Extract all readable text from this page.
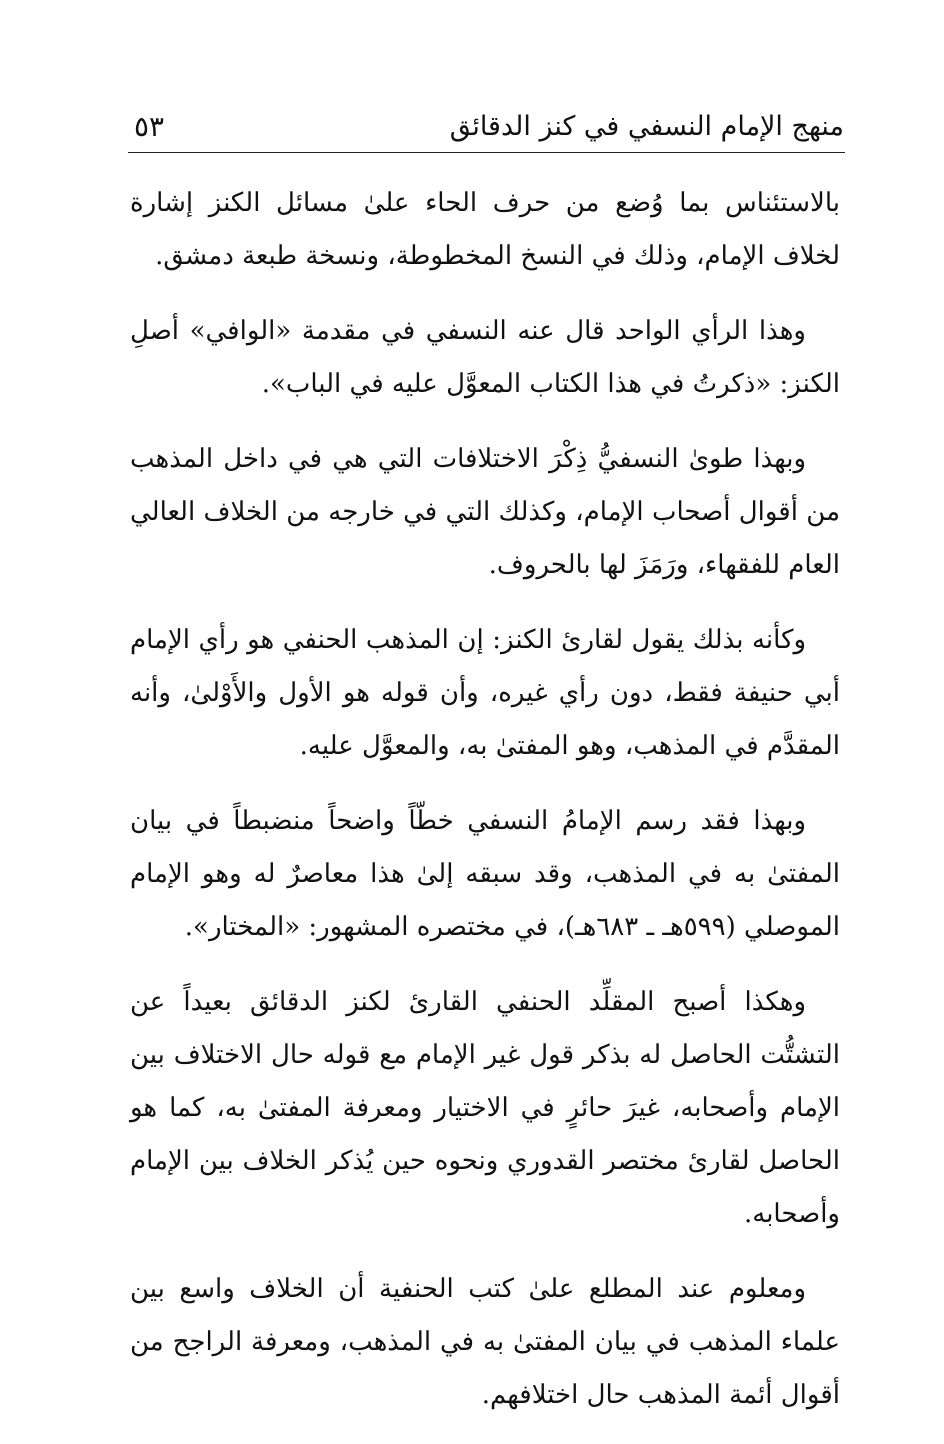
منهج الإمام النسفي في كنز الدقائق
٥٣

بالاستئناس بما وُضع من حرف الحاء علىٰ مسائل الكنز إشارة لخلاف الإمام، وذلك في النسخ المخطوطة، ونسخة طبعة دمشق.

وهذا الرأي الواحد قال عنه النسفي في مقدمة «الوافي» أصلِ الكنز: «ذكرتُ في هذا الكتاب المعوَّل عليه في الباب».

وبهذا طوىٰ النسفيُّ ذِكْرَ الاختلافات التي هي في داخل المذهب من أقوال أصحاب الإمام، وكذلك التي في خارجه من الخلاف العالي العام للفقهاء، ورَمَزَ لها بالحروف.

وكأنه بذلك يقول لقارئ الكنز: إن المذهب الحنفي هو رأي الإمام أبي حنيفة فقط، دون رأي غيره، وأن قوله هو الأول والأَوْلىٰ، وأنه المقدَّم في المذهب، وهو المفتىٰ به، والمعوَّل عليه.

وبهذا فقد رسم الإمامُ النسفي خطّاً واضحاً منضبطاً في بيان المفتىٰ به في المذهب، وقد سبقه إلىٰ هذا معاصرٌ له وهو الإمام الموصلي (٥٩٩هـ ـ ٦٨٣هـ)، في مختصره المشهور: «المختار».

وهكذا أصبح المقلِّد الحنفي القارئ لكنز الدقائق بعيداً عن التشتُّت الحاصل له بذكر قول غير الإمام مع قوله حال الاختلاف بين الإمام وأصحابه، غيرَ حائرٍ في الاختيار ومعرفة المفتىٰ به، كما هو الحاصل لقارئ مختصر القدوري ونحوه حين يُذكر الخلاف بين الإمام وأصحابه.

ومعلوم عند المطلع علىٰ كتب الحنفية أن الخلاف واسع بين علماء المذهب في بيان المفتىٰ به في المذهب، ومعرفة الراجح من أقوال أئمة المذهب حال اختلافهم.
